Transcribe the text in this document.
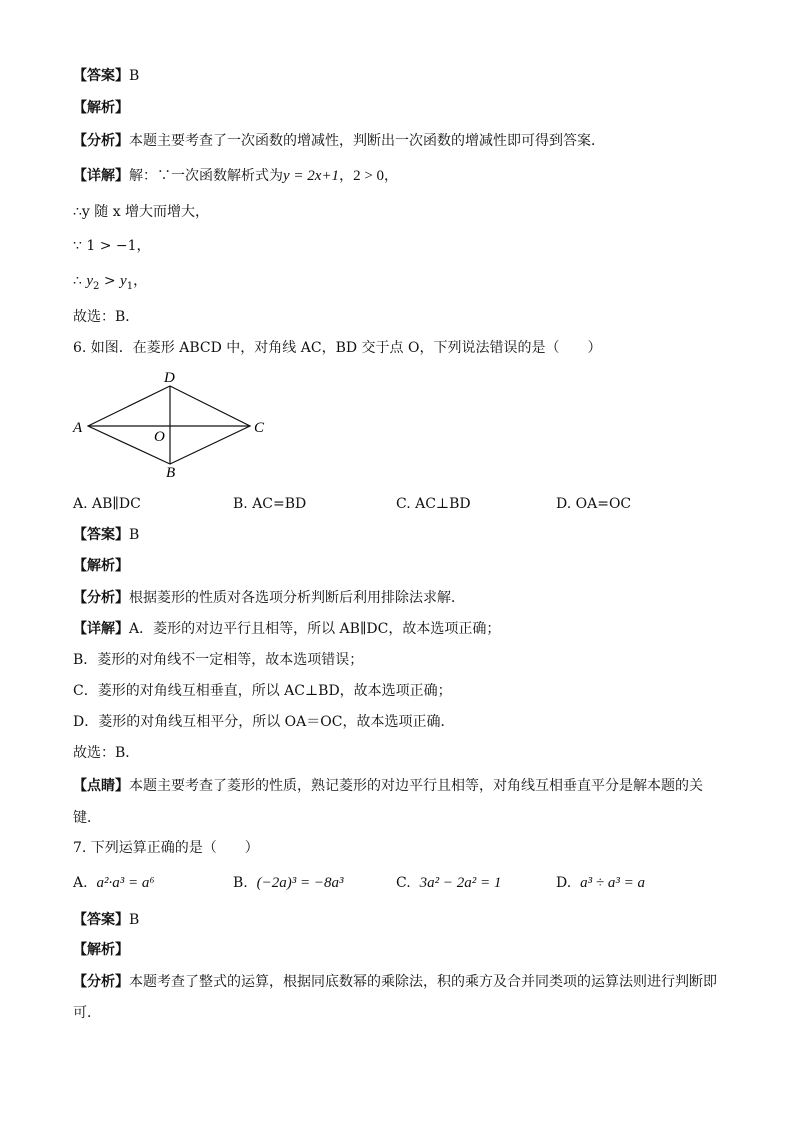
【答案】B
【解析】
【分析】本题主要考查了一次函数的增减性，判断出一次函数的增减性即可得到答案．
【详解】解：∵一次函数解析式为y = 2x+1，2 > 0，
∴y 随 x 增大而增大，
∵ 1 > −1，
∴ $y_2 > y_1$，
故选：B．
6. 如图．在菱形 ABCD 中，对角线 AC，BD 交于点 O，下列说法错误的是（　　）
A
D
C
O
B
A. AB∥DC	B. AC=BD	C. AC⊥BD	D. OA=OC
【答案】B
【解析】
【分析】根据菱形的性质对各选项分析判断后利用排除法求解．
【详解】A．菱形的对边平行且相等，所以 AB∥DC，故本选项正确；
B．菱形的对角线不一定相等，故本选项错误；
C．菱形的对角线互相垂直，所以 AC⊥BD，故本选项正确；
D．菱形的对角线互相平分，所以 OA＝OC，故本选项正确．
故选：B．
【点睛】本题主要考查了菱形的性质，熟记菱形的对边平行且相等，对角线互相垂直平分是解本题的关
键．
7. 下列运算正确的是（　　）
A. a²·a³ = a⁶	B. (−2a)³ = −8a³	C. 3a² − 2a² = 1	D. a³ ÷ a³ = a
【答案】B
【解析】
【分析】本题考查了整式的运算，根据同底数幂的乘除法，积的乘方及合并同类项的运算法则进行判断即
可．
